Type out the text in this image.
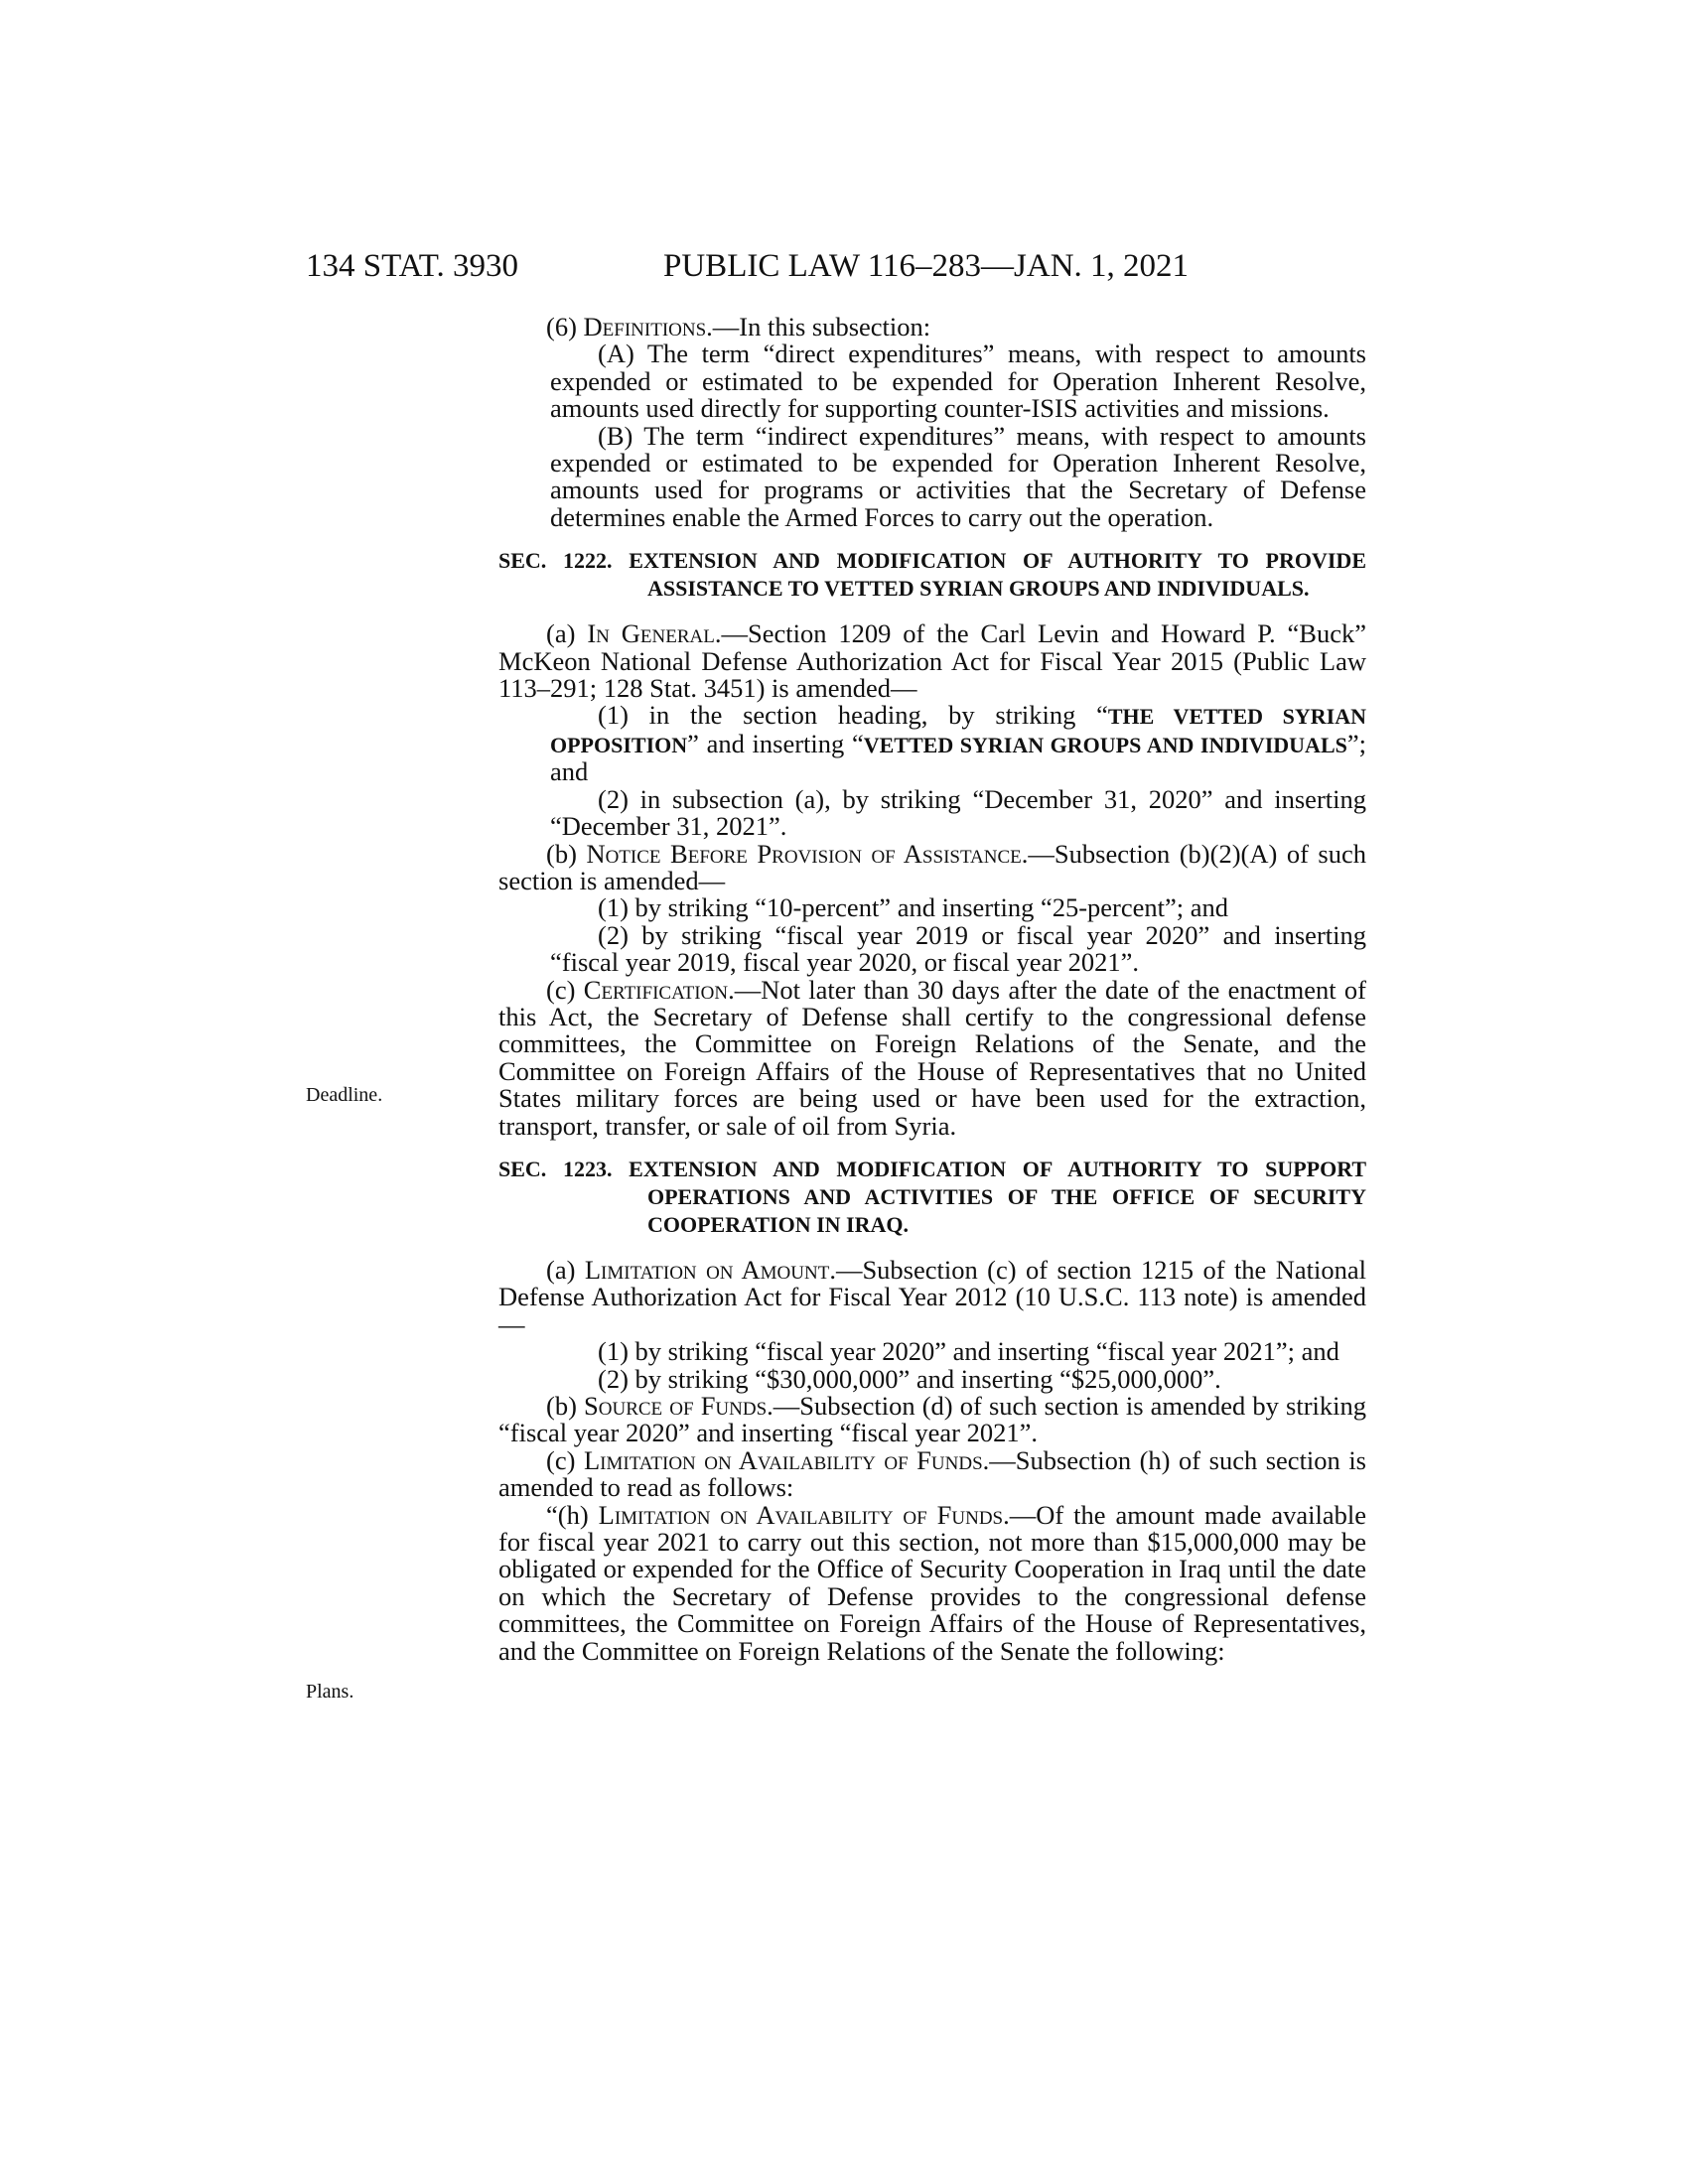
134 STAT. 3930	PUBLIC LAW 116–283—JAN. 1, 2021
Deadline.
Plans.

(6) Definitions.—In this subsection:

(A) The term “direct expenditures” means, with respect to amounts expended or estimated to be expended for Operation Inherent Resolve, amounts used directly for supporting counter-ISIS activities and missions.

(B) The term “indirect expenditures” means, with respect to amounts expended or estimated to be expended for Operation Inherent Resolve, amounts used for programs or activities that the Secretary of Defense determines enable the Armed Forces to carry out the operation.

SEC. 1222. EXTENSION AND MODIFICATION OF AUTHORITY TO PROVIDE ASSISTANCE TO VETTED SYRIAN GROUPS AND INDIVIDUALS.

(a) In General.—Section 1209 of the Carl Levin and Howard P. “Buck” McKeon National Defense Authorization Act for Fiscal Year 2015 (Public Law 113–291; 128 Stat. 3451) is amended—

(1) in the section heading, by striking “THE VETTED SYRIAN OPPOSITION” and inserting “VETTED SYRIAN GROUPS AND INDIVIDUALS”; and

(2) in subsection (a), by striking “December 31, 2020” and inserting “December 31, 2021”.

(b) Notice Before Provision of Assistance.—Subsection (b)(2)(A) of such section is amended—

(1) by striking “10-percent” and inserting “25-percent”; and

(2) by striking “fiscal year 2019 or fiscal year 2020” and inserting “fiscal year 2019, fiscal year 2020, or fiscal year 2021”.

(c) Certification.—Not later than 30 days after the date of the enactment of this Act, the Secretary of Defense shall certify to the congressional defense committees, the Committee on Foreign Relations of the Senate, and the Committee on Foreign Affairs of the House of Representatives that no United States military forces are being used or have been used for the extraction, transport, transfer, or sale of oil from Syria.

SEC. 1223. EXTENSION AND MODIFICATION OF AUTHORITY TO SUPPORT OPERATIONS AND ACTIVITIES OF THE OFFICE OF SECURITY COOPERATION IN IRAQ.

(a) Limitation on Amount.—Subsection (c) of section 1215 of the National Defense Authorization Act for Fiscal Year 2012 (10 U.S.C. 113 note) is amended—

(1) by striking “fiscal year 2020” and inserting “fiscal year 2021”; and

(2) by striking “$30,000,000” and inserting “$25,000,000”.

(b) Source of Funds.—Subsection (d) of such section is amended by striking “fiscal year 2020” and inserting “fiscal year 2021”.

(c) Limitation on Availability of Funds.—Subsection (h) of such section is amended to read as follows:

“(h) Limitation on Availability of Funds.—Of the amount made available for fiscal year 2021 to carry out this section, not more than $15,000,000 may be obligated or expended for the Office of Security Cooperation in Iraq until the date on which the Secretary of Defense provides to the congressional defense committees, the Committee on Foreign Affairs of the House of Representatives, and the Committee on Foreign Relations of the Senate the following:
